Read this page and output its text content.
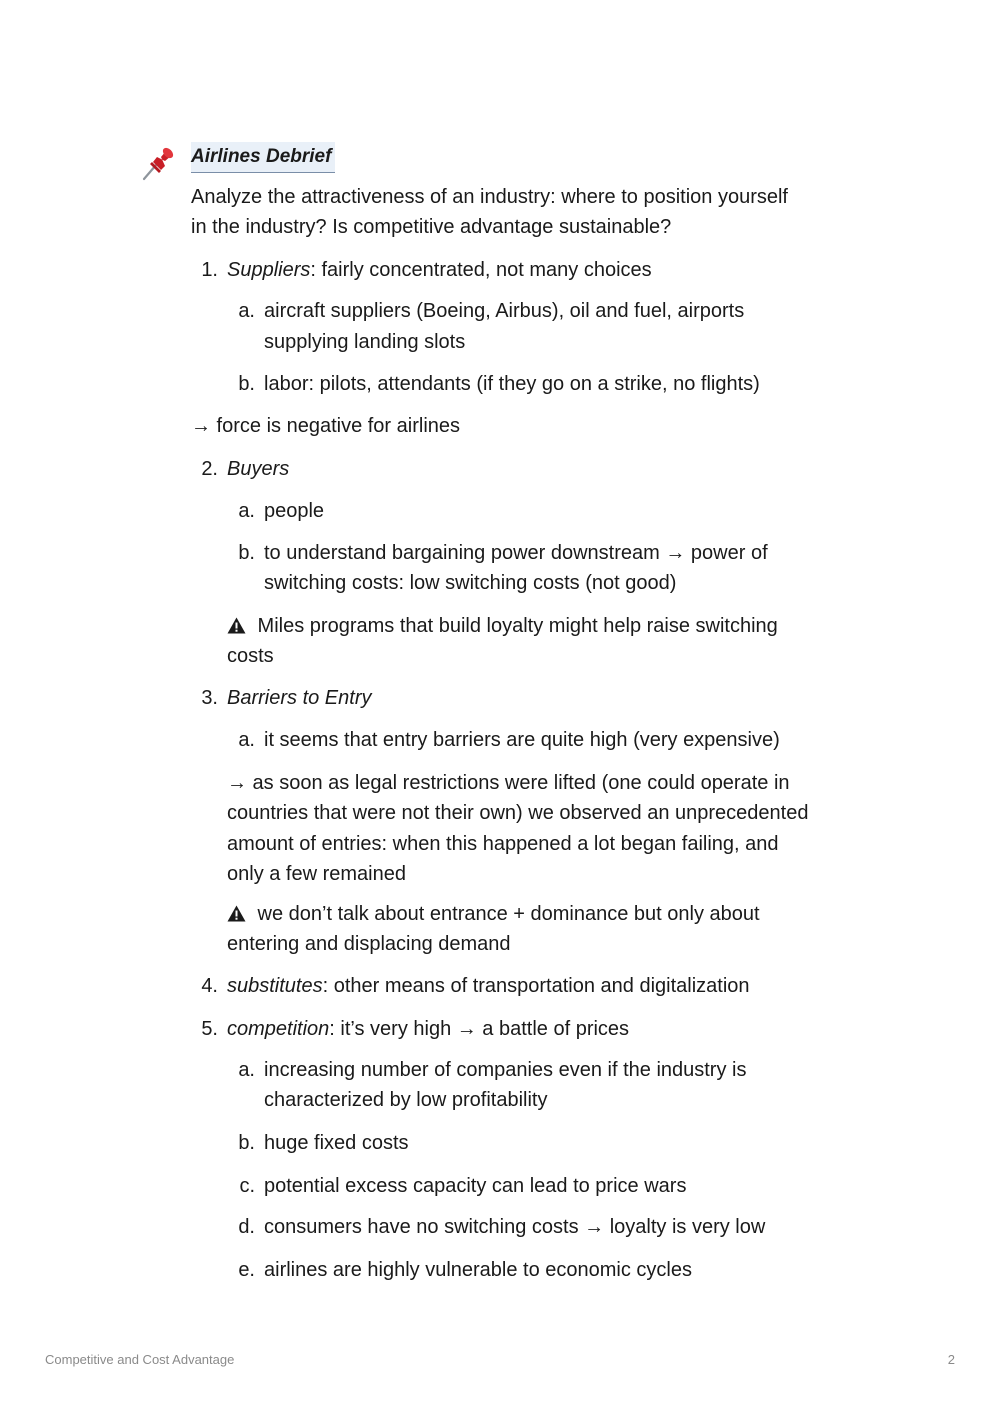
Airlines Debrief

Analyze the attractiveness of an industry: where to position yourself

in the industry? Is competitive advantage sustainable?

1. Suppliers: fairly concentrated, not many choices

a. aircraft suppliers (Boeing, Airbus), oil and fuel, airports

supplying landing slots

b. labor: pilots, attendants (if they go on a strike, no flights)

→ force is negative for airlines

2. Buyers

a. people

b. to understand bargaining power downstream → power of

switching costs: low switching costs (not good)

Miles programs that build loyalty might help raise switching

costs

3. Barriers to Entry

a. it seems that entry barriers are quite high (very expensive)

→ as soon as legal restrictions were lifted (one could operate in

countries that were not their own) we observed an unprecedented

amount of entries: when this happened a lot began failing, and

only a few remained

we don’t talk about entrance + dominance but only about

entering and displacing demand

4. substitutes: other means of transportation and digitalization

5. competition: it’s very high → a battle of prices

a. increasing number of companies even if the industry is

characterized by low profitability

b. huge fixed costs

c. potential excess capacity can lead to price wars

d. consumers have no switching costs → loyalty is very low

e. airlines are highly vulnerable to economic cycles

Competitive and Cost Advantage	2
